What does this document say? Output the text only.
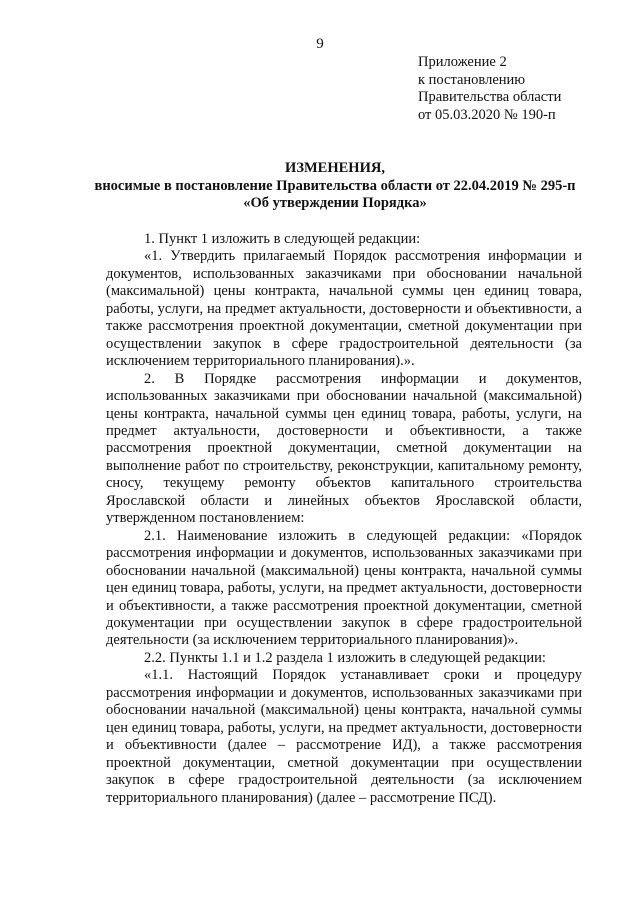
9
Приложение 2
к постановлению
Правительства области
от 05.03.2020 № 190-п
ИЗМЕНЕНИЯ,
вносимые в постановление Правительства области от 22.04.2019 № 295-п
«Об утверждении Порядка»

1. Пункт 1 изложить в следующей редакции:

«1. Утвердить прилагаемый Порядок рассмотрения информации и документов, использованных заказчиками при обосновании начальной (максимальной) цены контракта, начальной суммы цен единиц товара, работы, услуги, на предмет актуальности, достоверности и объективности, а также рассмотрения проектной документации, сметной документации при осуществлении закупок в сфере градостроительной деятельности (за исключением территориального планирования).».

2. В Порядке рассмотрения информации и документов, использованных заказчиками при обосновании начальной (максимальной) цены контракта, начальной суммы цен единиц товара, работы, услуги, на предмет актуальности, достоверности и объективности, а также рассмотрения проектной документации, сметной документации на выполнение работ по строительству, реконструкции, капитальному ремонту, сносу, текущему ремонту объектов капитального строительства Ярославской области и линейных объектов Ярославской области, утвержденном постановлением:

2.1. Наименование изложить в следующей редакции: «Порядок рассмотрения информации и документов, использованных заказчиками при обосновании начальной (максимальной) цены контракта, начальной суммы цен единиц товара, работы, услуги, на предмет актуальности, достоверности и объективности, а также рассмотрения проектной документации, сметной документации при осуществлении закупок в сфере градостроительной деятельности (за исключением территориального планирования)».

2.2. Пункты 1.1 и 1.2 раздела 1 изложить в следующей редакции:

«1.1. Настоящий Порядок устанавливает сроки и процедуру рассмотрения информации и документов, использованных заказчиками при обосновании начальной (максимальной) цены контракта, начальной суммы цен единиц товара, работы, услуги, на предмет актуальности, достоверности и объективности (далее – рассмотрение ИД), а также рассмотрения проектной документации, сметной документации при осуществлении закупок в сфере градостроительной деятельности (за исключением территориального планирования) (далее – рассмотрение ПСД).
